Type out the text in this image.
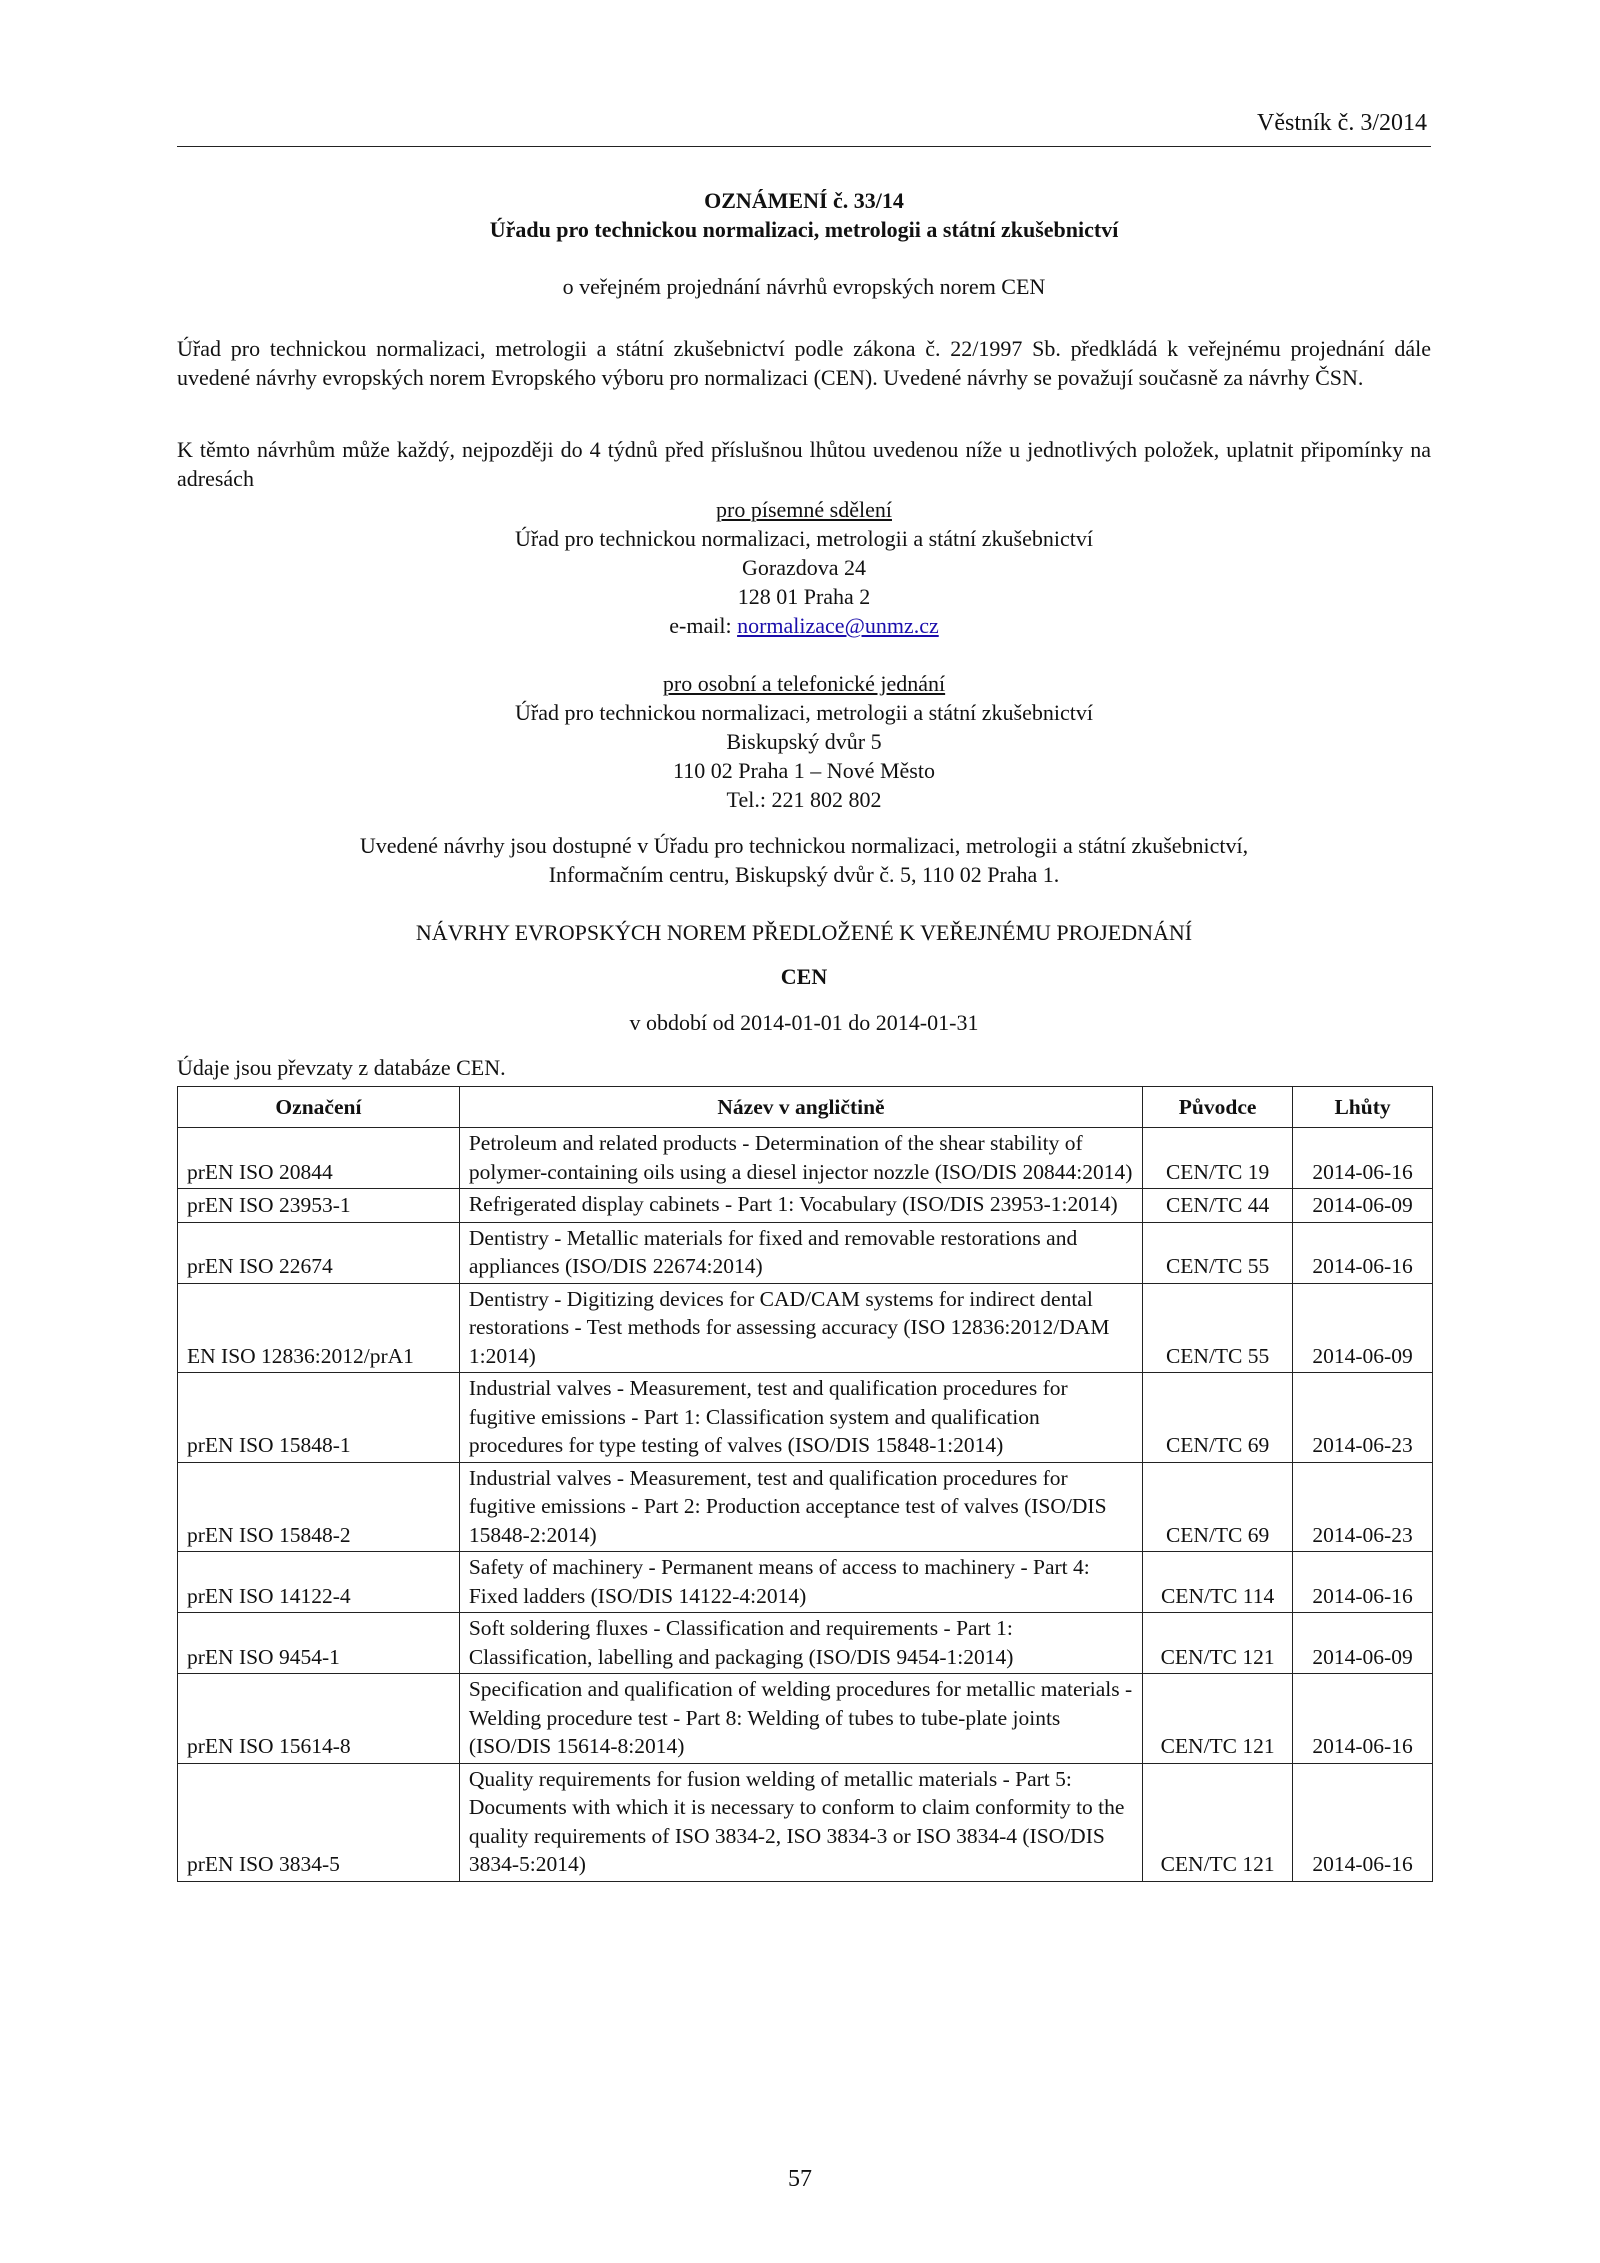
Věstník č. 3/2014
OZNÁMENÍ č. 33/14
Úřadu pro technickou normalizaci, metrologii a státní zkušebnictví
o veřejném projednání návrhů evropských norem CEN
Úřad pro technickou normalizaci, metrologii a státní zkušebnictví podle zákona č. 22/1997 Sb. předkládá k veřejnému projednání dále uvedené návrhy evropských norem Evropského výboru pro normalizaci (CEN). Uvedené návrhy se považují současně za návrhy ČSN.
K těmto návrhům může každý, nejpozději do 4 týdnů před příslušnou lhůtou uvedenou níže u jednotlivých položek, uplatnit připomínky na adresách
pro písemné sdělení
Úřad pro technickou normalizaci, metrologii a státní zkušebnictví
Gorazdova 24
128 01 Praha 2
e-mail: normalizace@unmz.cz
pro osobní a telefonické jednání
Úřad pro technickou normalizaci, metrologii a státní zkušebnictví
Biskupský dvůr 5
110 02 Praha 1 – Nové Město
Tel.: 221 802 802
Uvedené návrhy jsou dostupné v Úřadu pro technickou normalizaci, metrologii a státní zkušebnictví,
Informačním centru, Biskupský dvůr č. 5, 110 02 Praha 1.
NÁVRHY EVROPSKÝCH NOREM PŘEDLOŽENÉ K VEŘEJNÉMU PROJEDNÁNÍ
CEN
v období od 2014-01-01 do 2014-01-31
Údaje jsou převzaty z databáze CEN.
Označení	Název v angličtině	Původce	Lhůty
prEN ISO 20844	Petroleum and related products - Determination of the shear stability of polymer-containing oils using a diesel injector nozzle (ISO/DIS 20844:2014)	CEN/TC 19	2014-06-16
prEN ISO 23953-1	Refrigerated display cabinets - Part 1: Vocabulary (ISO/DIS 23953-1:2014)	CEN/TC 44	2014-06-09
prEN ISO 22674	Dentistry - Metallic materials for fixed and removable restorations and appliances (ISO/DIS 22674:2014)	CEN/TC 55	2014-06-16
EN ISO 12836:2012/prA1	Dentistry - Digitizing devices for CAD/CAM systems for indirect dental restorations - Test methods for assessing accuracy (ISO 12836:2012/DAM 1:2014)	CEN/TC 55	2014-06-09
prEN ISO 15848-1	Industrial valves - Measurement, test and qualification procedures for fugitive emissions - Part 1: Classification system and qualification procedures for type testing of valves (ISO/DIS 15848-1:2014)	CEN/TC 69	2014-06-23
prEN ISO 15848-2	Industrial valves - Measurement, test and qualification procedures for fugitive emissions - Part 2: Production acceptance test of valves (ISO/DIS 15848-2:2014)	CEN/TC 69	2014-06-23
prEN ISO 14122-4	Safety of machinery - Permanent means of access to machinery - Part 4: Fixed ladders (ISO/DIS 14122-4:2014)	CEN/TC 114	2014-06-16
prEN ISO 9454-1	Soft soldering fluxes - Classification and requirements - Part 1: Classification, labelling and packaging (ISO/DIS 9454-1:2014)	CEN/TC 121	2014-06-09
prEN ISO 15614-8	Specification and qualification of welding procedures for metallic materials - Welding procedure test - Part 8: Welding of tubes to tube-plate joints (ISO/DIS 15614-8:2014)	CEN/TC 121	2014-06-16
prEN ISO 3834-5	Quality requirements for fusion welding of metallic materials - Part 5: Documents with which it is necessary to conform to claim conformity to the quality requirements of ISO 3834-2, ISO 3834-3 or ISO 3834-4 (ISO/DIS 3834-5:2014)	CEN/TC 121	2014-06-16
57
